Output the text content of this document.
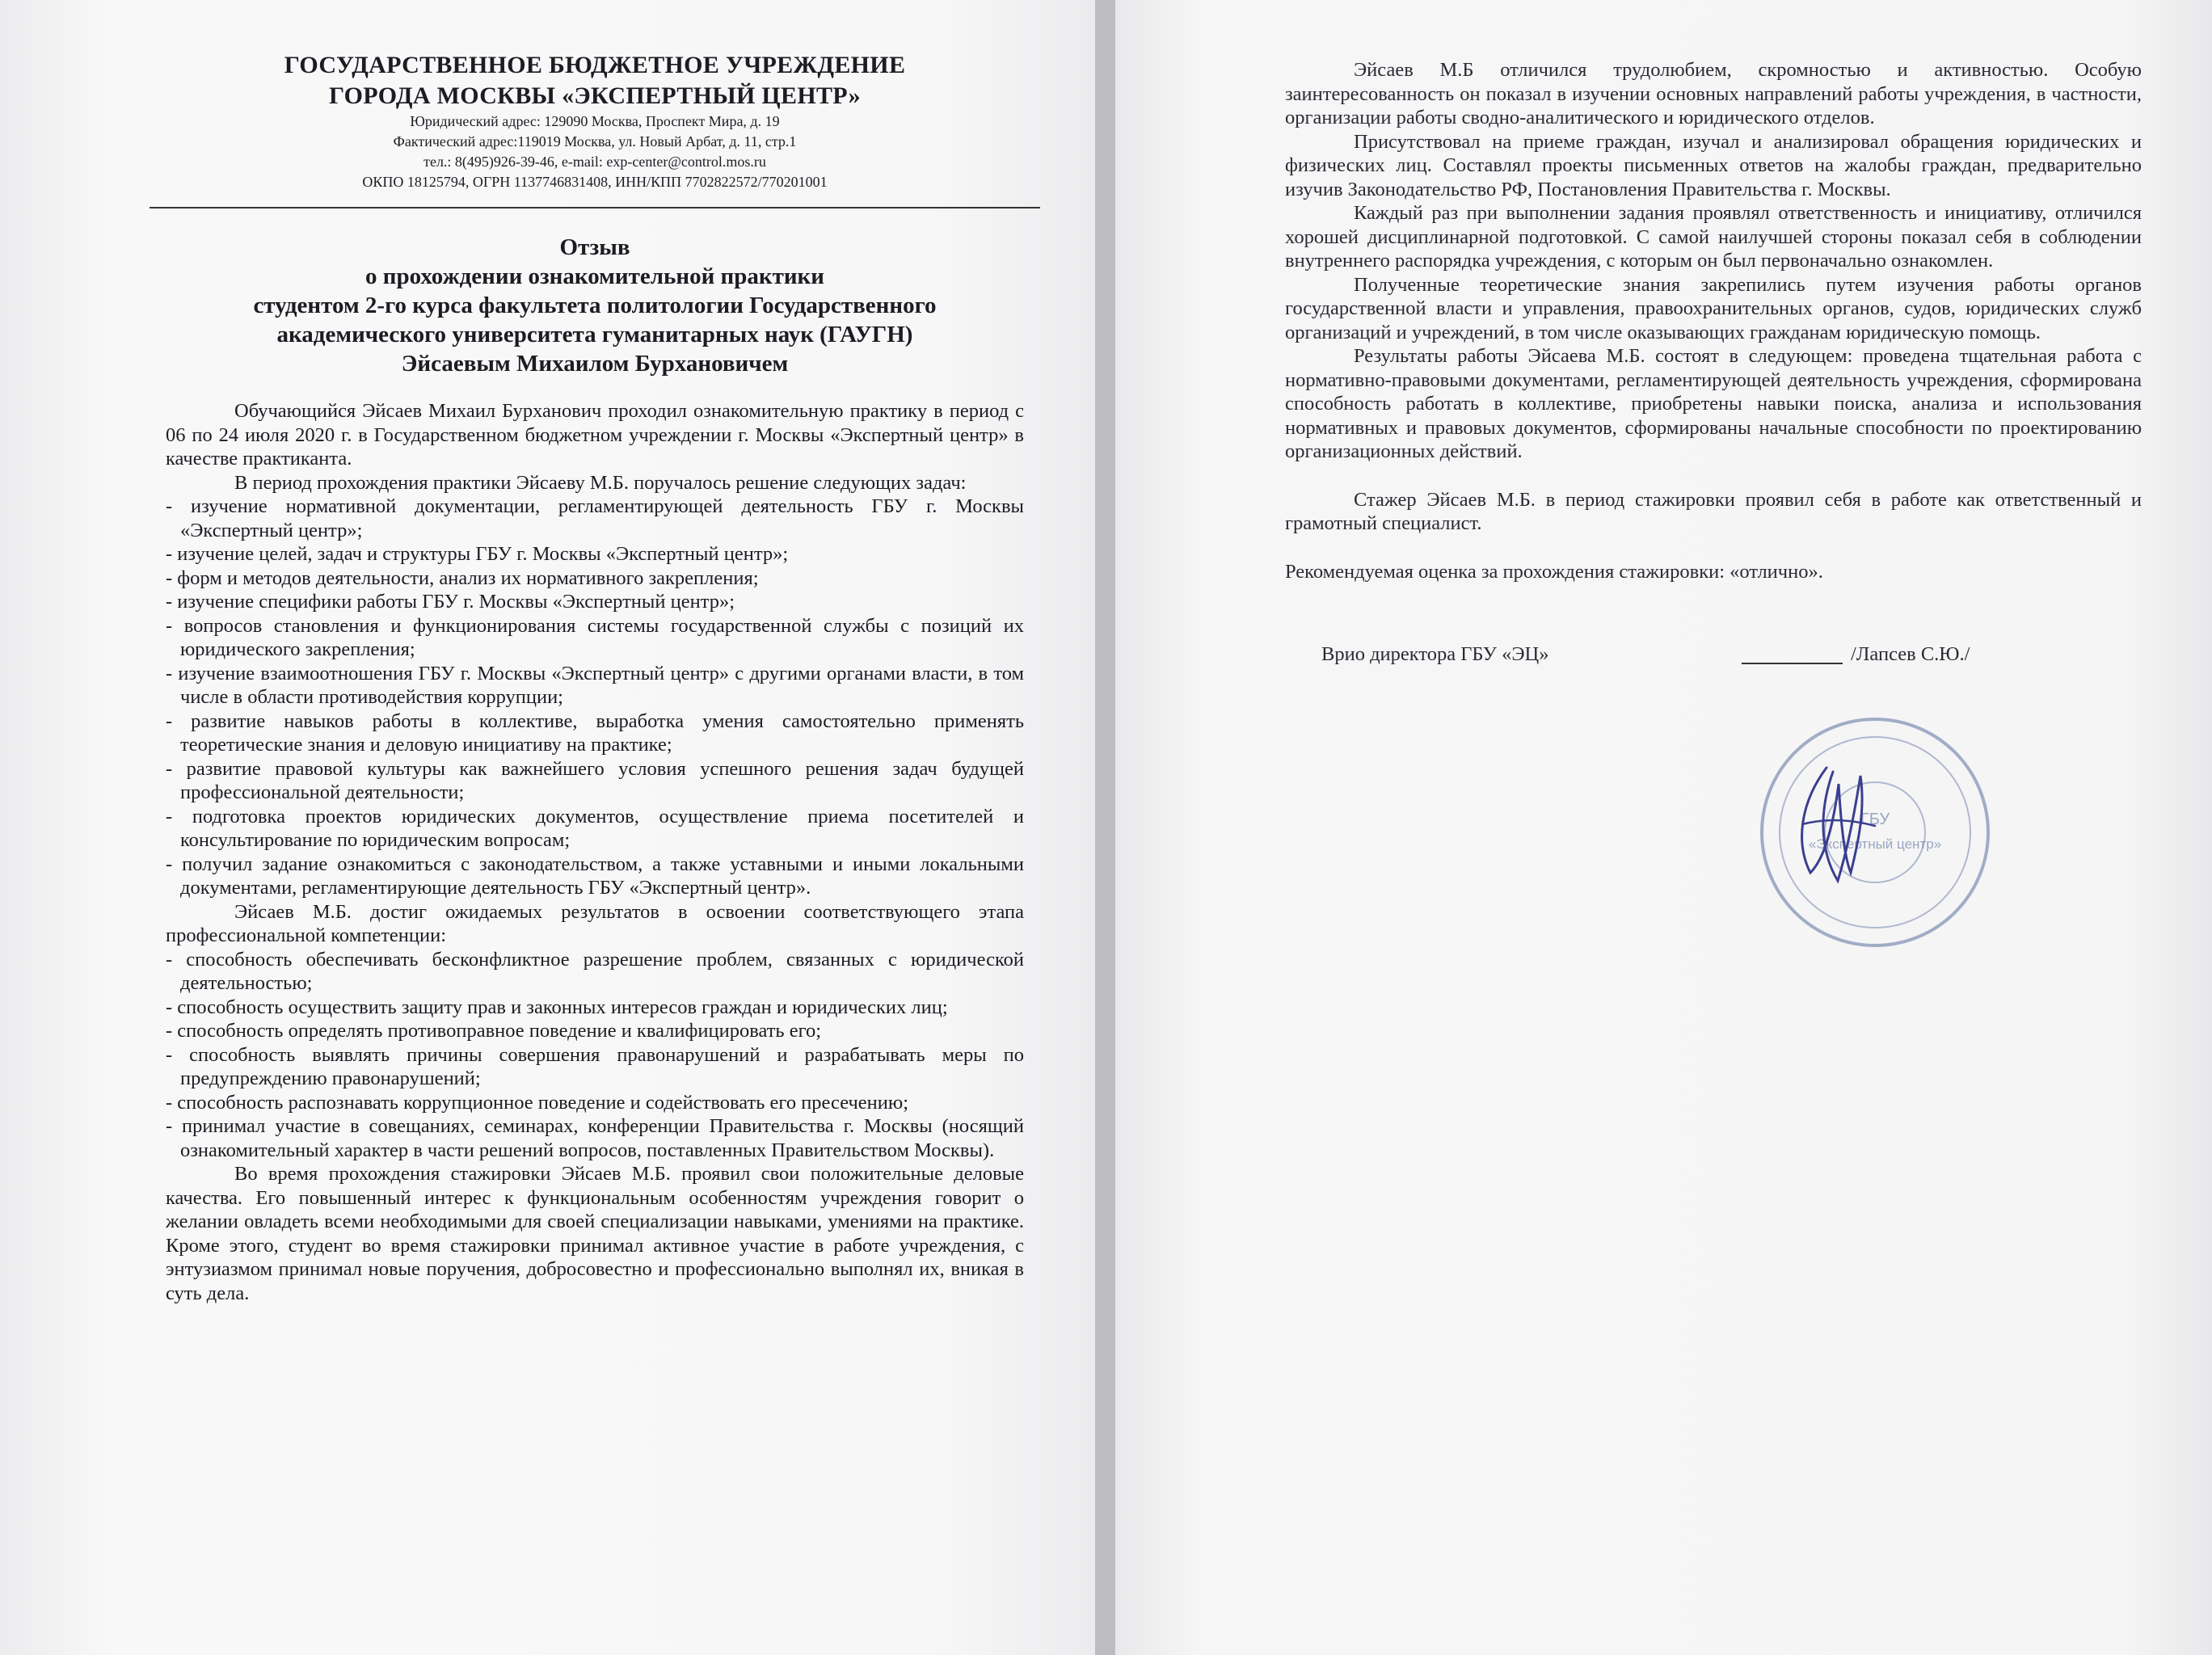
ГОСУДАРСТВЕННОЕ БЮДЖЕТНОЕ УЧРЕЖДЕНИЕ
ГОРОДА МОСКВЫ «ЭКСПЕРТНЫЙ ЦЕНТР»
Юридический адрес: 129090 Москва, Проспект Мира, д. 19
Фактический адрес:119019 Москва, ул. Новый Арбат, д. 11, стр.1
тел.: 8(495)926-39-46, e-mail: exp-center@control.mos.ru
ОКПО 18125794, ОГРН 1137746831408, ИНН/КПП 7702822572/770201001
Отзыв
о прохождении ознакомительной практики
студентом 2-го курса факультета политологии Государственного
академического университета гуманитарных наук (ГАУГН)
Эйсаевым Михаилом Бурхановичем

Обучающийся Эйсаев Михаил Бурханович проходил ознакомительную практику в период с 06 по 24 июля 2020 г. в Государственном бюджетном учреждении г. Москвы «Экспертный центр» в качестве практиканта.

В период прохождения практики Эйсаеву М.Б. поручалось решение следующих задач:

- изучение нормативной документации, регламентирующей деятельность ГБУ г. Москвы «Экспертный центр»;

- изучение целей, задач и структуры ГБУ г. Москвы «Экспертный центр»;

- форм и методов деятельности, анализ их нормативного закрепления;

- изучение специфики работы ГБУ г. Москвы «Экспертный центр»;

- вопросов становления и функционирования системы государственной службы с позиций их юридического закрепления;

- изучение взаимоотношения ГБУ г. Москвы «Экспертный центр» с другими органами власти, в том числе в области противодействия коррупции;

- развитие навыков работы в коллективе, выработка умения самостоятельно применять теоретические знания и деловую инициативу на практике;

- развитие правовой культуры как важнейшего условия успешного решения задач будущей профессиональной деятельности;

- подготовка проектов юридических документов, осуществление приема посетителей и консультирование по юридическим вопросам;

- получил задание ознакомиться с законодательством, а также уставными и иными локальными документами, регламентирующие деятельность ГБУ «Экспертный центр».

Эйсаев М.Б. достиг ожидаемых результатов в освоении соответствующего этапа профессиональной компетенции:

- способность обеспечивать бесконфликтное разрешение проблем, связанных с юридической деятельностью;

- способность осуществить защиту прав и законных интересов граждан и юридических лиц;

- способность определять противоправное поведение и квалифицировать его;

- способность выявлять причины совершения правонарушений и разрабатывать меры по предупреждению правонарушений;

- способность распознавать коррупционное поведение и содействовать его пресечению;

- принимал участие в совещаниях, семинарах, конференции Правительства г. Москвы (носящий ознакомительный характер в части решений вопросов, поставленных Правительством Москвы).

Во время прохождения стажировки Эйсаев М.Б. проявил свои положительные деловые качества. Его повышенный интерес к функциональным особенностям учреждения говорит о желании овладеть всеми необходимыми для своей специализации навыками, умениями на практике. Кроме этого, студент во время стажировки принимал активное участие в работе учреждения, с энтузиазмом принимал новые поручения, добросовестно и профессионально выполнял их, вникая в суть дела.

Эйсаев М.Б отличился трудолюбием, скромностью и активностью. Особую заинтересованность он показал в изучении основных направлений работы учреждения, в частности, организации работы сводно-аналитического и юридического отделов.

Присутствовал на приеме граждан, изучал и анализировал обращения юридических и физических лиц. Составлял проекты письменных ответов на жалобы граждан, предварительно изучив Законодательство РФ, Постановления Правительства г. Москвы.

Каждый раз при выполнении задания проявлял ответственность и инициативу, отличился хорошей дисциплинарной подготовкой. С самой наилучшей стороны показал себя в соблюдении внутреннего распорядка учреждения, с которым он был первоначально ознакомлен.

Полученные теоретические знания закрепились путем изучения работы органов государственной власти и управления, правоохранительных органов, судов, юридических служб организаций и учреждений, в том числе оказывающих гражданам юридическую помощь.

Результаты работы Эйсаева М.Б. состоят в следующем: проведена тщательная работа с нормативно-правовыми документами, регламентирующей деятельность учреждения, сформирована способность работать в коллективе, приобретены навыки поиска, анализа и использования нормативных и правовых документов, сформированы начальные способности по проектированию организационных действий.

Стажер Эйсаев М.Б. в период стажировки проявил себя в работе как ответственный и грамотный специалист.

Рекомендуемая оценка за прохождения стажировки: «отлично».

Врио директора ГБУ «ЭЦ»	/Лапсев С.Ю./
ГБУ
«Экспертный центр»
